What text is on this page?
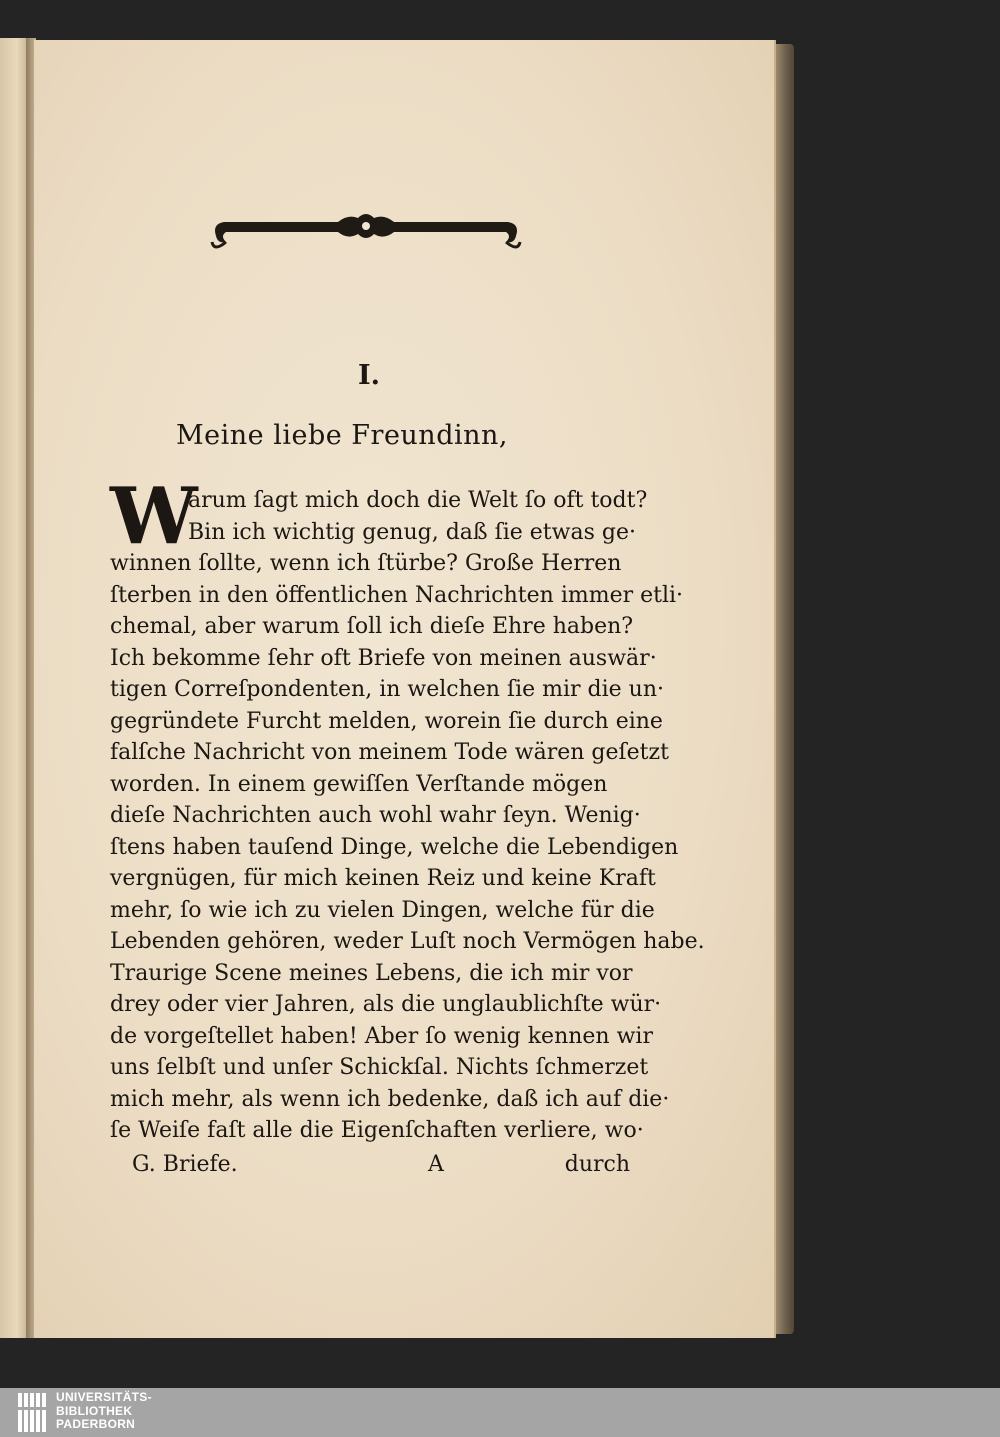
I.
Meine liebe Freundinn,
W
arum ſagt mich doch die Welt ſo oft todt?
Bin ich wichtig genug, daß ſie etwas ge·
winnen ſollte, wenn ich ſtürbe? Große Herren
ſterben in den öffentlichen Nachrichten immer etli·
chemal, aber warum ſoll ich dieſe Ehre haben?
Ich bekomme ſehr oft Briefe von meinen auswär·
tigen Correſpondenten, in welchen ſie mir die un·
gegründete Furcht melden, worein ſie durch eine
falſche Nachricht von meinem Tode wären geſetzt
worden. In einem gewiſſen Verſtande mögen
dieſe Nachrichten auch wohl wahr ſeyn. Wenig·
ſtens haben tauſend Dinge, welche die Lebendigen
vergnügen, für mich keinen Reiz und keine Kraft
mehr, ſo wie ich zu vielen Dingen, welche für die
Lebenden gehören, weder Luſt noch Vermögen habe.
Traurige Scene meines Lebens, die ich mir vor
drey oder vier Jahren, als die unglaublichſte wür·
de vorgeſtellet haben! Aber ſo wenig kennen wir
uns ſelbſt und unſer Schickſal. Nichts ſchmerzet
mich mehr, als wenn ich bedenke, daß ich auf die·
ſe Weiſe faſt alle die Eigenſchaften verliere, wo·
G. Briefe.	A	durch
UNIVERSITÄTS-
BIBLIOTHEK
PADERBORN
